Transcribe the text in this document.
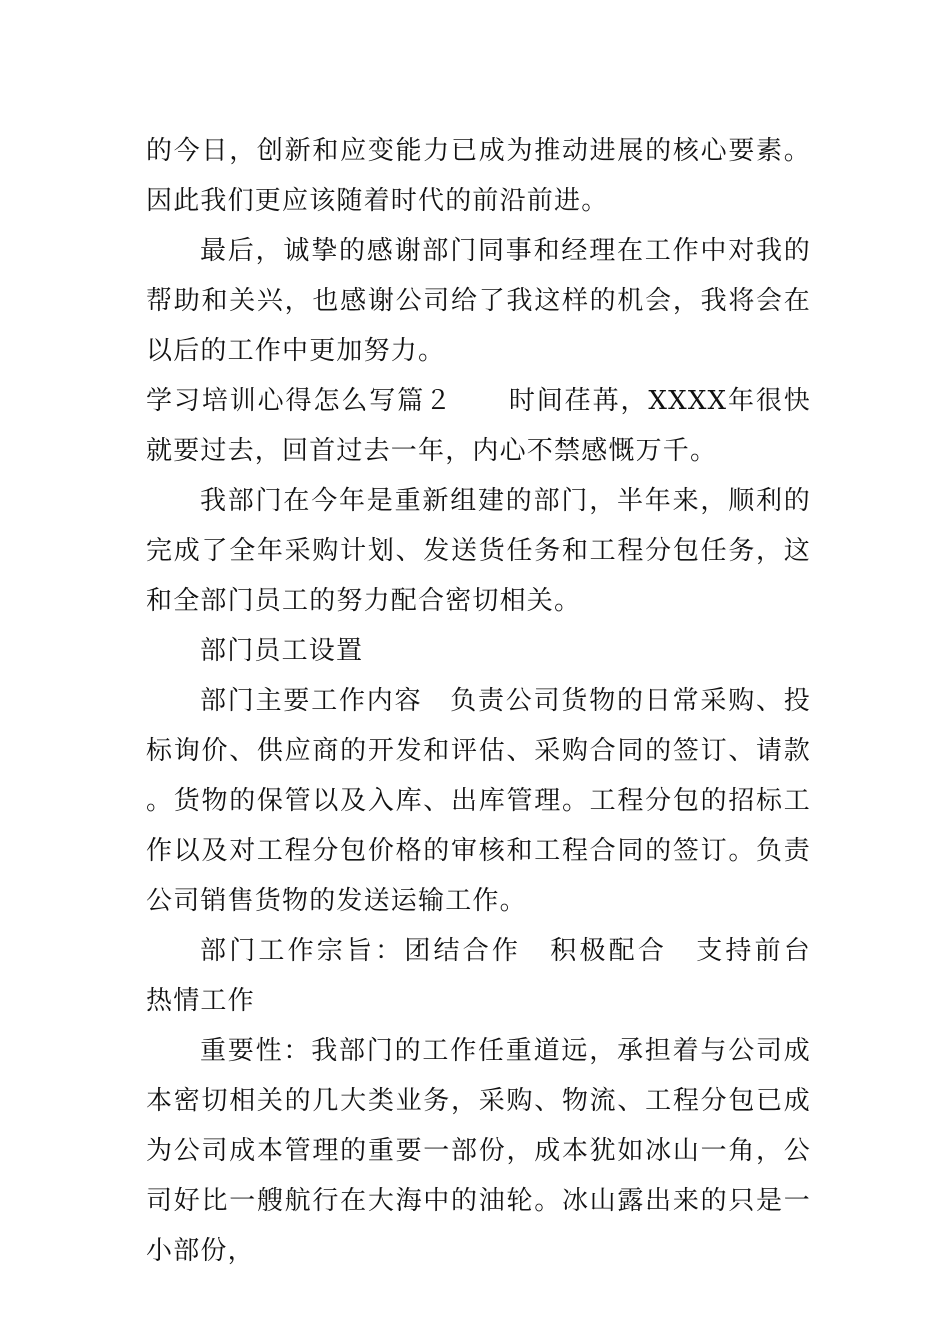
的今日，创新和应变能力已成为推动进展的核心要素。因此我们更应该随着时代的前沿前进。

最后，诚挚的感谢部门同事和经理在工作中对我的帮助和关兴，也感谢公司给了我这样的机会，我将会在以后的工作中更加努力。

学习培训心得怎么写篇２　　时间荏苒，XXXX年很快就要过去，回首过去一年，内心不禁感慨万千。

我部门在今年是重新组建的部门，半年来，顺利的完成了全年采购计划、发送货任务和工程分包任务，这和全部门员工的努力配合密切相关。

部门员工设置

部门主要工作内容　负责公司货物的日常采购、投标询价、供应商的开发和评估、采购合同的签订、请款。货物的保管以及入库、出库管理。工程分包的招标工作以及对工程分包价格的审核和工程合同的签订。负责公司销售货物的发送运输工作。

部门工作宗旨：团结合作　积极配合　支持前台　热情工作

重要性：我部门的工作任重道远，承担着与公司成本密切相关的几大类业务，采购、物流、工程分包已成为公司成本管理的重要一部份，成本犹如冰山一角，公司好比一艘航行在大海中的油轮。冰山露出来的只是一小部份，
